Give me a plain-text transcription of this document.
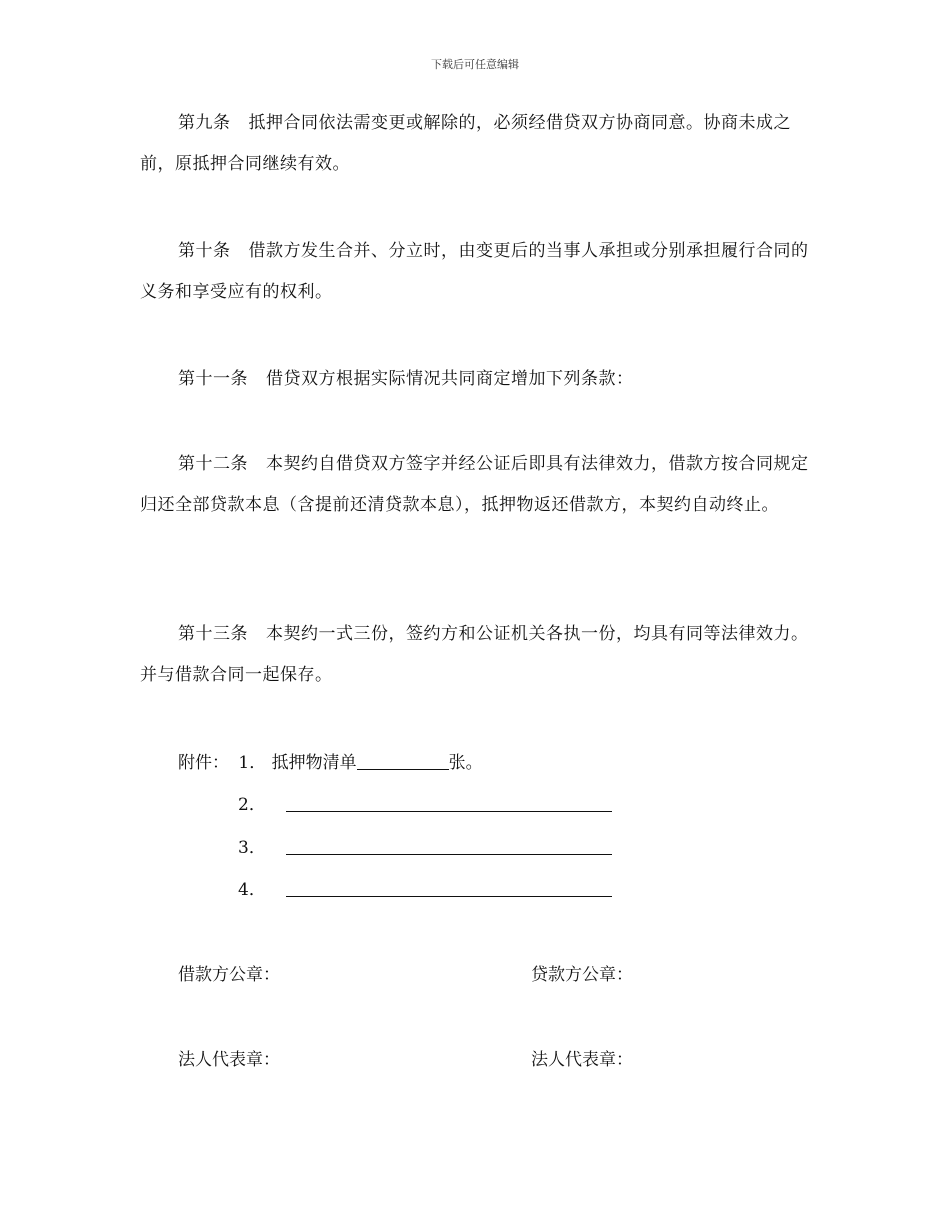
下载后可任意编辑
第九条 抵押合同依法需变更或解除的，必须经借贷双方协商同意。协商未成之前，原抵押合同继续有效。
第十条 借款方发生合并、分立时，由变更后的当事人承担或分别承担履行合同的义务和享受应有的权利。
第十一条 借贷双方根据实际情况共同商定增加下列条款：
第十二条 本契约自借贷双方签字并经公证后即具有法律效力，借款方按合同规定归还全部贷款本息（含提前还清贷款本息），抵押物返还借款方，本契约自动终止。
第十三条 本契约一式三份，签约方和公证机关各执一份，均具有同等法律效力。并与借款合同一起保存。
附件： 1． 抵押物清单	张。
2．
3．
4．
借款方公章：	贷款方公章：
法人代表章：	法人代表章：
